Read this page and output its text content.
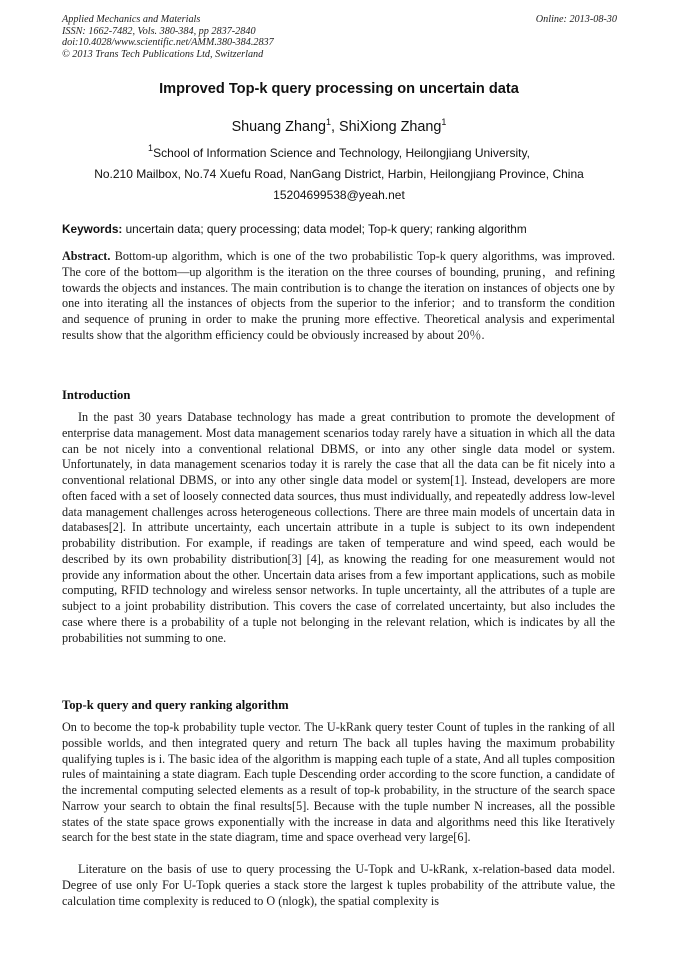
Applied Mechanics and Materials
ISSN: 1662-7482, Vols. 380-384, pp 2837-2840
doi:10.4028/www.scientific.net/AMM.380-384.2837
© 2013 Trans Tech Publications Ltd, Switzerland
Online: 2013-08-30
Improved Top-k query processing on uncertain data
Shuang Zhang$^1$, ShiXiong Zhang$^1$
$^1$School of Information Science and Technology, Heilongjiang University,
No.210 Mailbox, No.74 Xuefu Road, NanGang District, Harbin, Heilongjiang Province, China
15204699538@yeah.net
Keywords: uncertain data; query processing; data model; Top-k query; ranking algorithm

Abstract. Bottom-up algorithm, which is one of the two probabilistic Top-k query algorithms, was improved. The core of the bottom—up algorithm is the iteration on the three courses of bounding, pruning，and refining towards the objects and instances. The main contribution is to change the iteration on instances of objects one by one into iterating all the instances of objects from the superior to the inferior；and to transform the condition and sequence of pruning in order to make the pruning more effective. Theoretical analysis and experimental results show that the algorithm efficiency could be obviously increased by about 20％.

Introduction

In the past 30 years Database technology has made a great contribution to promote the development of enterprise data management. Most data management scenarios today rarely have a situation in which all the data can be not nicely into a conventional relational DBMS, or into any other single data model or system. Unfortunately, in data management scenarios today it is rarely the case that all the data can be fit nicely into a conventional relational DBMS, or into any other single data model or system[1]. Instead, developers are more often faced with a set of loosely connected data sources, thus must individually, and repeatedly address low-level data management challenges across heterogeneous collections. There are three main models of uncertain data in databases[2]. In attribute uncertainty, each uncertain attribute in a tuple is subject to its own independent probability distribution. For example, if readings are taken of temperature and wind speed, each would be described by its own probability distribution[3] [4], as knowing the reading for one measurement would not provide any information about the other. Uncertain data arises from a few important applications, such as mobile computing, RFID technology and wireless sensor networks. In tuple uncertainty, all the attributes of a tuple are subject to a joint probability distribution. This covers the case of correlated uncertainty, but also includes the case where there is a probability of a tuple not belonging in the relevant relation, which is indicates by all the probabilities not summing to one.

Top-k query and query ranking algorithm

On to become the top-k probability tuple vector. The U-kRank query tester Count of tuples in the ranking of all possible worlds, and then integrated query and return The back all tuples having the maximum probability qualifying tuples is i. The basic idea of the algorithm is mapping each tuple of a state, And all tuples composition rules of maintaining a state diagram. Each tuple Descending order according to the score function, a candidate of the incremental computing selected elements as a result of top-k probability, in the structure of the search space Narrow your search to obtain the final results[5]. Because with the tuple number N increases, all the possible states of the state space grows exponentially with the increase in data and algorithms need this like Iteratively search for the best state in the state diagram, time and space overhead very large[6].

Literature on the basis of use to query processing the U-Topk and U-kRank, x-relation-based data model. Degree of use only For U-Topk queries a stack store the largest k tuples probability of the attribute value, the calculation time complexity is reduced to O (nlogk), the spatial complexity is
